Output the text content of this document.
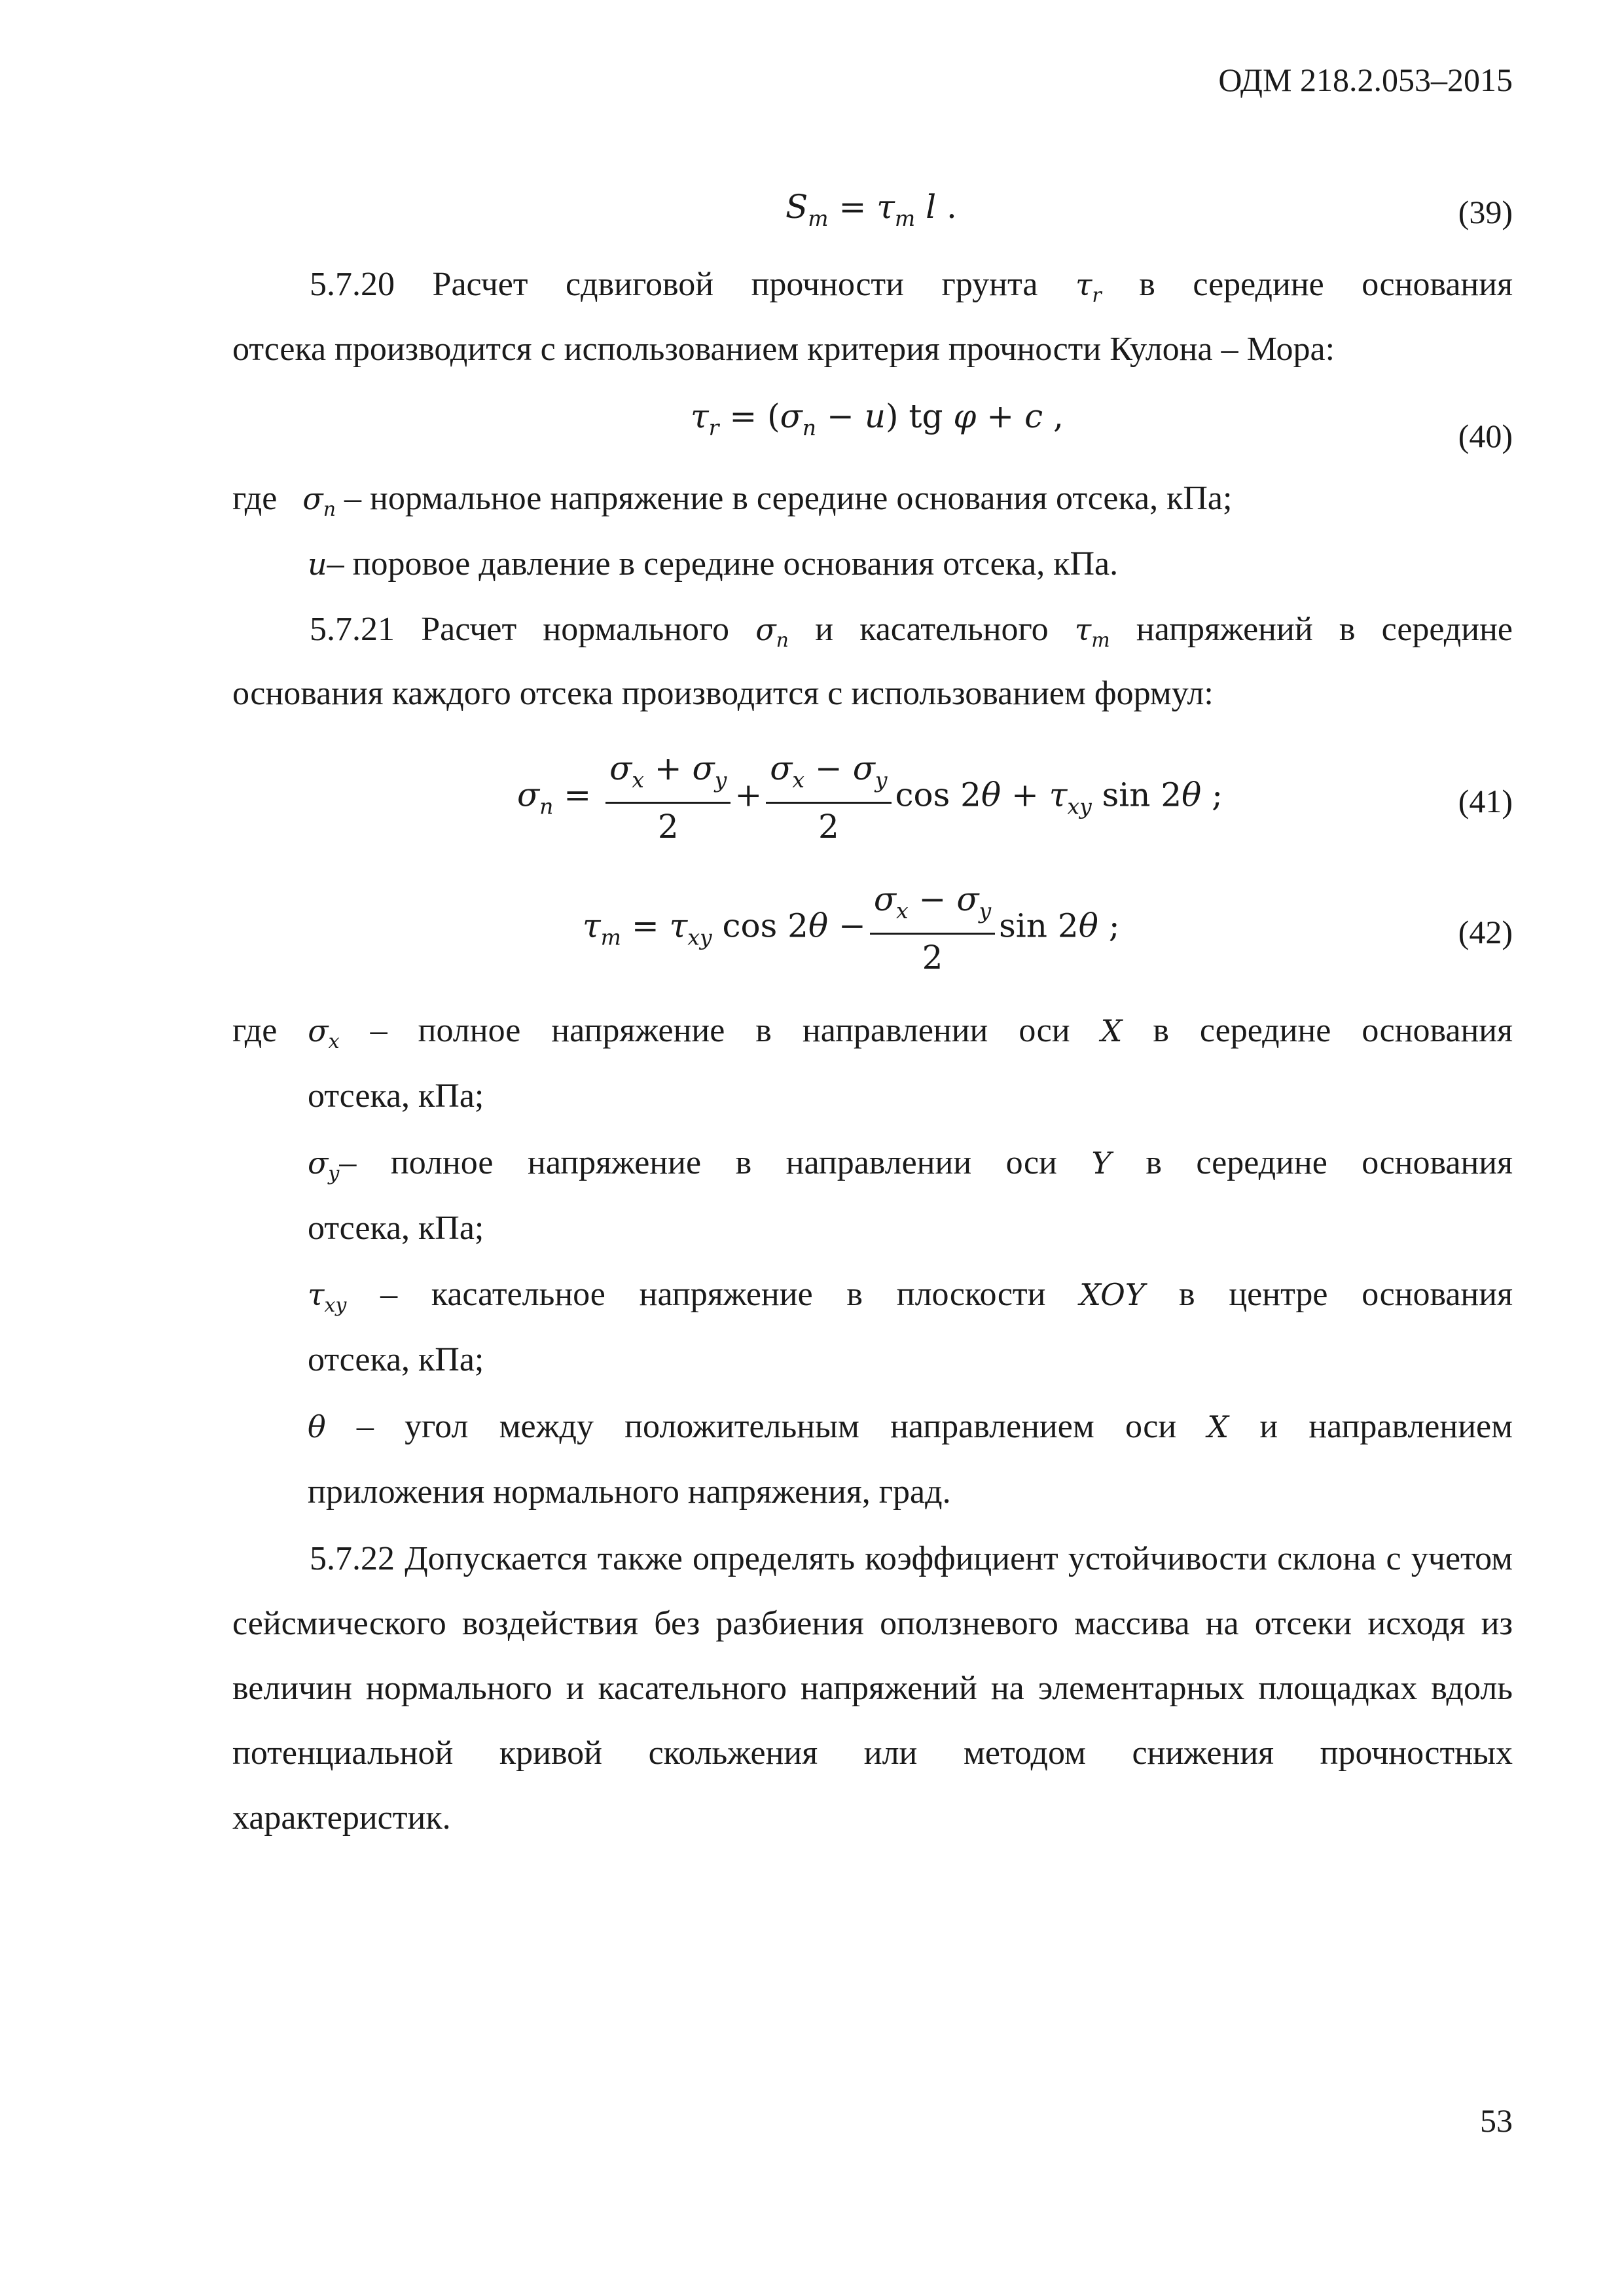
ОДМ 218.2.053–2015
$S_m = \tau_m$ l .	(39)

5.7.20 Расчет сдвиговой прочности грунта $\tau_r$ в середине основания

отсека производится с использованием критерия прочности Кулона – Мора:

$\tau_r = (\sigma_n - u)$ tg φ + c ,
(40)

где $\sigma_n$ – нормальное напряжение в середине основания отсека, кПа;

u– поровое давление в середине основания отсека, кПа.

5.7.21 Расчет нормального $\sigma_n$ и касательного $\tau_m$ напряжений в середине

основания каждого отсека производится с использованием формул:

$\sigma_n = \frac{\sigma_x + \sigma_y}{2} + \frac{\sigma_x - \sigma_y}{2}$ $\cos 2\theta + \tau_{xy}$ sin 2θ ;	(41)
$\tau_m = \tau_{xy}$ $\cos 2\theta - \frac{\sigma_x - \sigma_y}{2}$ sin 2θ ;	(42)

где $\sigma_x$ – полное напряжение в направлении оси X в середине основания

отсека, кПа;

$\sigma_y-$ полное напряжение в направлении оси Y в середине основания

отсека, кПа;

$\tau_{xy}$ – касательное напряжение в плоскости XOY в центре основания

отсека, кПа;

θ – угол между положительным направлением оси X и направлением

приложения нормального напряжения, град.

5.7.22 Допускается также определять коэффициент устойчивости склона с учетом сейсмического воздействия без разбиения оползневого массива на отсеки исходя из величин нормального и касательного напряжений на элементарных площадках вдоль потенциальной кривой скольжения или методом снижения прочностных характеристик.

53
